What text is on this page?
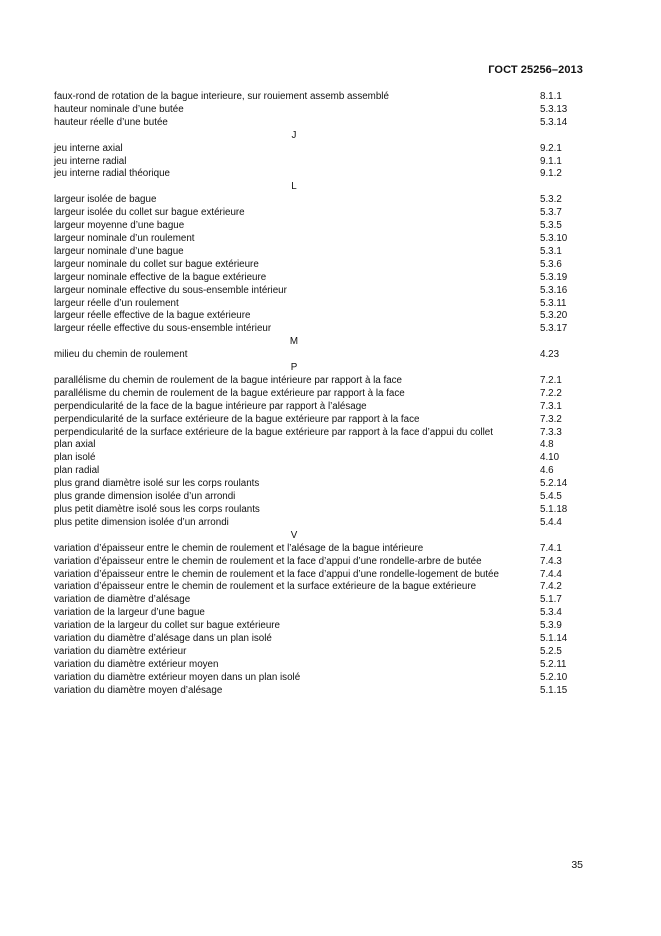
ГОСТ 25256–2013
faux-rond de rotation de la bague interieure, sur rouiement assemb assemblé	8.1.1
hauteur nominale d’une butée	5.3.13
hauteur réelle d’une butée	5.3.14
J
jeu interne axial	9.2.1
jeu interne radial	9.1.1
jeu interne radial théorique	9.1.2
L
largeur isolée de bague	5.3.2
largeur isolée du collet sur bague extérieure	5.3.7
largeur moyenne d’une bague	5.3.5
largeur nominale d’un roulement	5.3.10
largeur nominale d’une bague	5.3.1
largeur nominale du collet sur bague extérieure	5.3.6
largeur nominale effective de la bague extérieure	5.3.19
largeur nominale effective du sous-ensemble intérieur	5.3.16
largeur réelle d’un roulement	5.3.11
largeur réelle effective de la bague extérieure	5.3.20
largeur réelle effective du sous-ensemble intérieur	5.3.17
M
milieu du chemin de roulement	4.23
P
parallélisme du chemin de roulement de la bague intérieure par rapport à la face	7.2.1
parallélisme du chemin de roulement de la bague extérieure par rapport à la face	7.2.2
perpendicularité de la face de la bague intérieure par rapport à l’alésage	7.3.1
perpendicularité de la surface extérieure de la bague extérieure par rapport à la face	7.3.2
perpendicularité de la surface extérieure de la bague extérieure par rapport à la face d’appui du collet	7.3.3
plan axial	4.8
plan isolé	4.10
plan radial	4.6
plus grand diamètre isolé sur les corps roulants	5.2.14
plus grande dimension isolée d’un arrondi	5.4.5
plus petit diamètre isolé sous les corps roulants	5.1.18
plus petite dimension isolée d’un arrondi	5.4.4
V
variation d’épaisseur entre le chemin de roulement et l’alésage de la bague intérieure	7.4.1
variation d’épaisseur entre le chemin de roulement et la face d’appui d’une rondelle-arbre de butée	7.4.3
variation d’épaisseur entre le chemin de roulement et la face d’appui d’une rondelle-logement de butée	7.4.4
variation d’épaisseur entre le chemin de roulement et la surface extérieure de la bague extérieure	7.4.2
variation de diamètre d’alésage	5.1.7
variation de la largeur d’une bague	5.3.4
variation de la largeur du collet sur bague extérieure	5.3.9
variation du diamètre d’alésage dans un plan isolé	5.1.14
variation du diamètre extérieur	5.2.5
variation du diamètre extérieur moyen	5.2.11
variation du diamètre extérieur moyen dans un plan isolé	5.2.10
variation du diamètre moyen d’alésage	5.1.15
35
